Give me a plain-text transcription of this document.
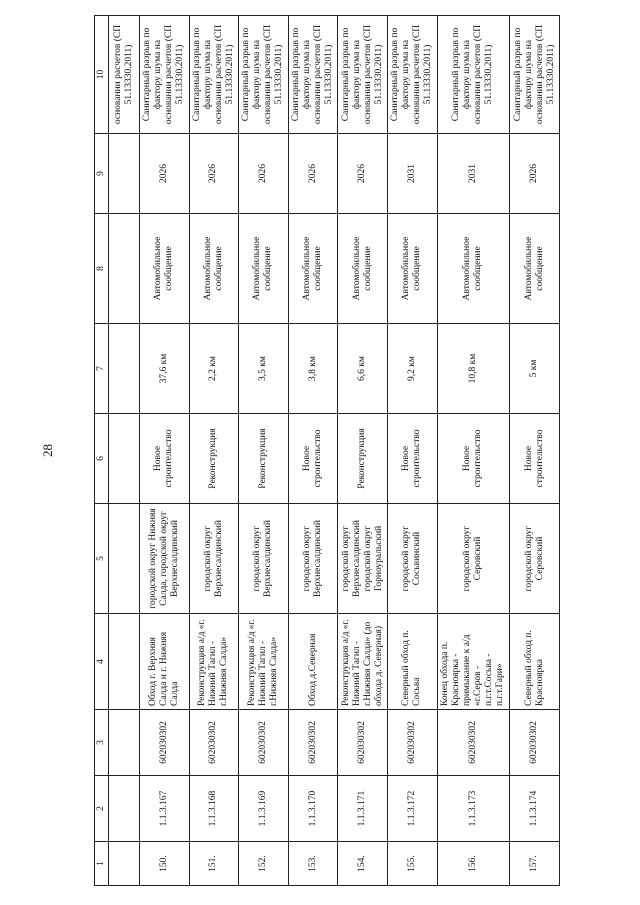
28
1	2	3	4	5	6	7	8	9	10
									основании расчетов (СП 51.13330.2011)
150.	1.1.3.167	602030302	Обход г. Верхняя Салда и г. Нижняя Салда	городской округ Нижняя Салда, городской округ Верхнесалдинский	Новое строительство	37,6 км	Автомобильное сообщение	2026	Санитарный разрыв по фактору шума на основании расчетов (СП 51.13330.2011)
151.	1.1.3.168	602030302	Реконструкция а/д «г. Нижний Тагил - г.Нижняя Салда»	городской округ Верхнесалдинский	Реконструкция	2,2 км	Автомобильное сообщение	2026	Санитарный разрыв по фактору шума на основании расчетов (СП 51.13330.2011)
152.	1.1.3.169	602030302	Реконструкция а/д «г. Нижний Тагил - г.Нижняя Салда»	городской округ Верхнесалдинский	Реконструкция	3,5 км	Автомобильное сообщение	2026	Санитарный разрыв по фактору шума на основании расчетов (СП 51.13330.2011)
153.	1.1.3.170	602030302	Обход д.Северная	городской округ Верхнесалдинский	Новое строительство	3,8 км	Автомобильное сообщение	2026	Санитарный разрыв по фактору шума на основании расчетов (СП 51.13330.2011)
154.	1.1.3.171	602030302	Реконструкция а/д «г. Нижний Тагил - г.Нижняя Салда» (до обхода д. Северная)	городской округ Верхнесалдинский городской округ Горноуральский	Реконструкция	6,6 км	Автомобильное сообщение	2026	Санитарный разрыв по фактору шума на основании расчетов (СП 51.13330.2011)
155.	1.1.3.172	602030302	Северный обход п. Сосьва	городской округ Сосьвинский	Новое строительство	9,2 км	Автомобильное сообщение	2031	Санитарный разрыв по фактору шума на основании расчетов (СП 51.13330.2011)
156.	1.1.3.173	602030302	Конец обхода п. Красноярка - примыкание к а/д «г.Серов - п.г.т.Сосьва - п.г.т.Гари»	городской округ Серовский	Новое строительство	10,8 км	Автомобильное сообщение	2031	Санитарный разрыв по фактору шума на основании расчетов (СП 51.13330.2011)
157.	1.1.3.174	602030302	Северный обход п. Красноярка	городской округ Серовский	Новое строительство	5 км	Автомобильное сообщение	2026	Санитарный разрыв по фактору шума на основании расчетов (СП 51.13330.2011)
